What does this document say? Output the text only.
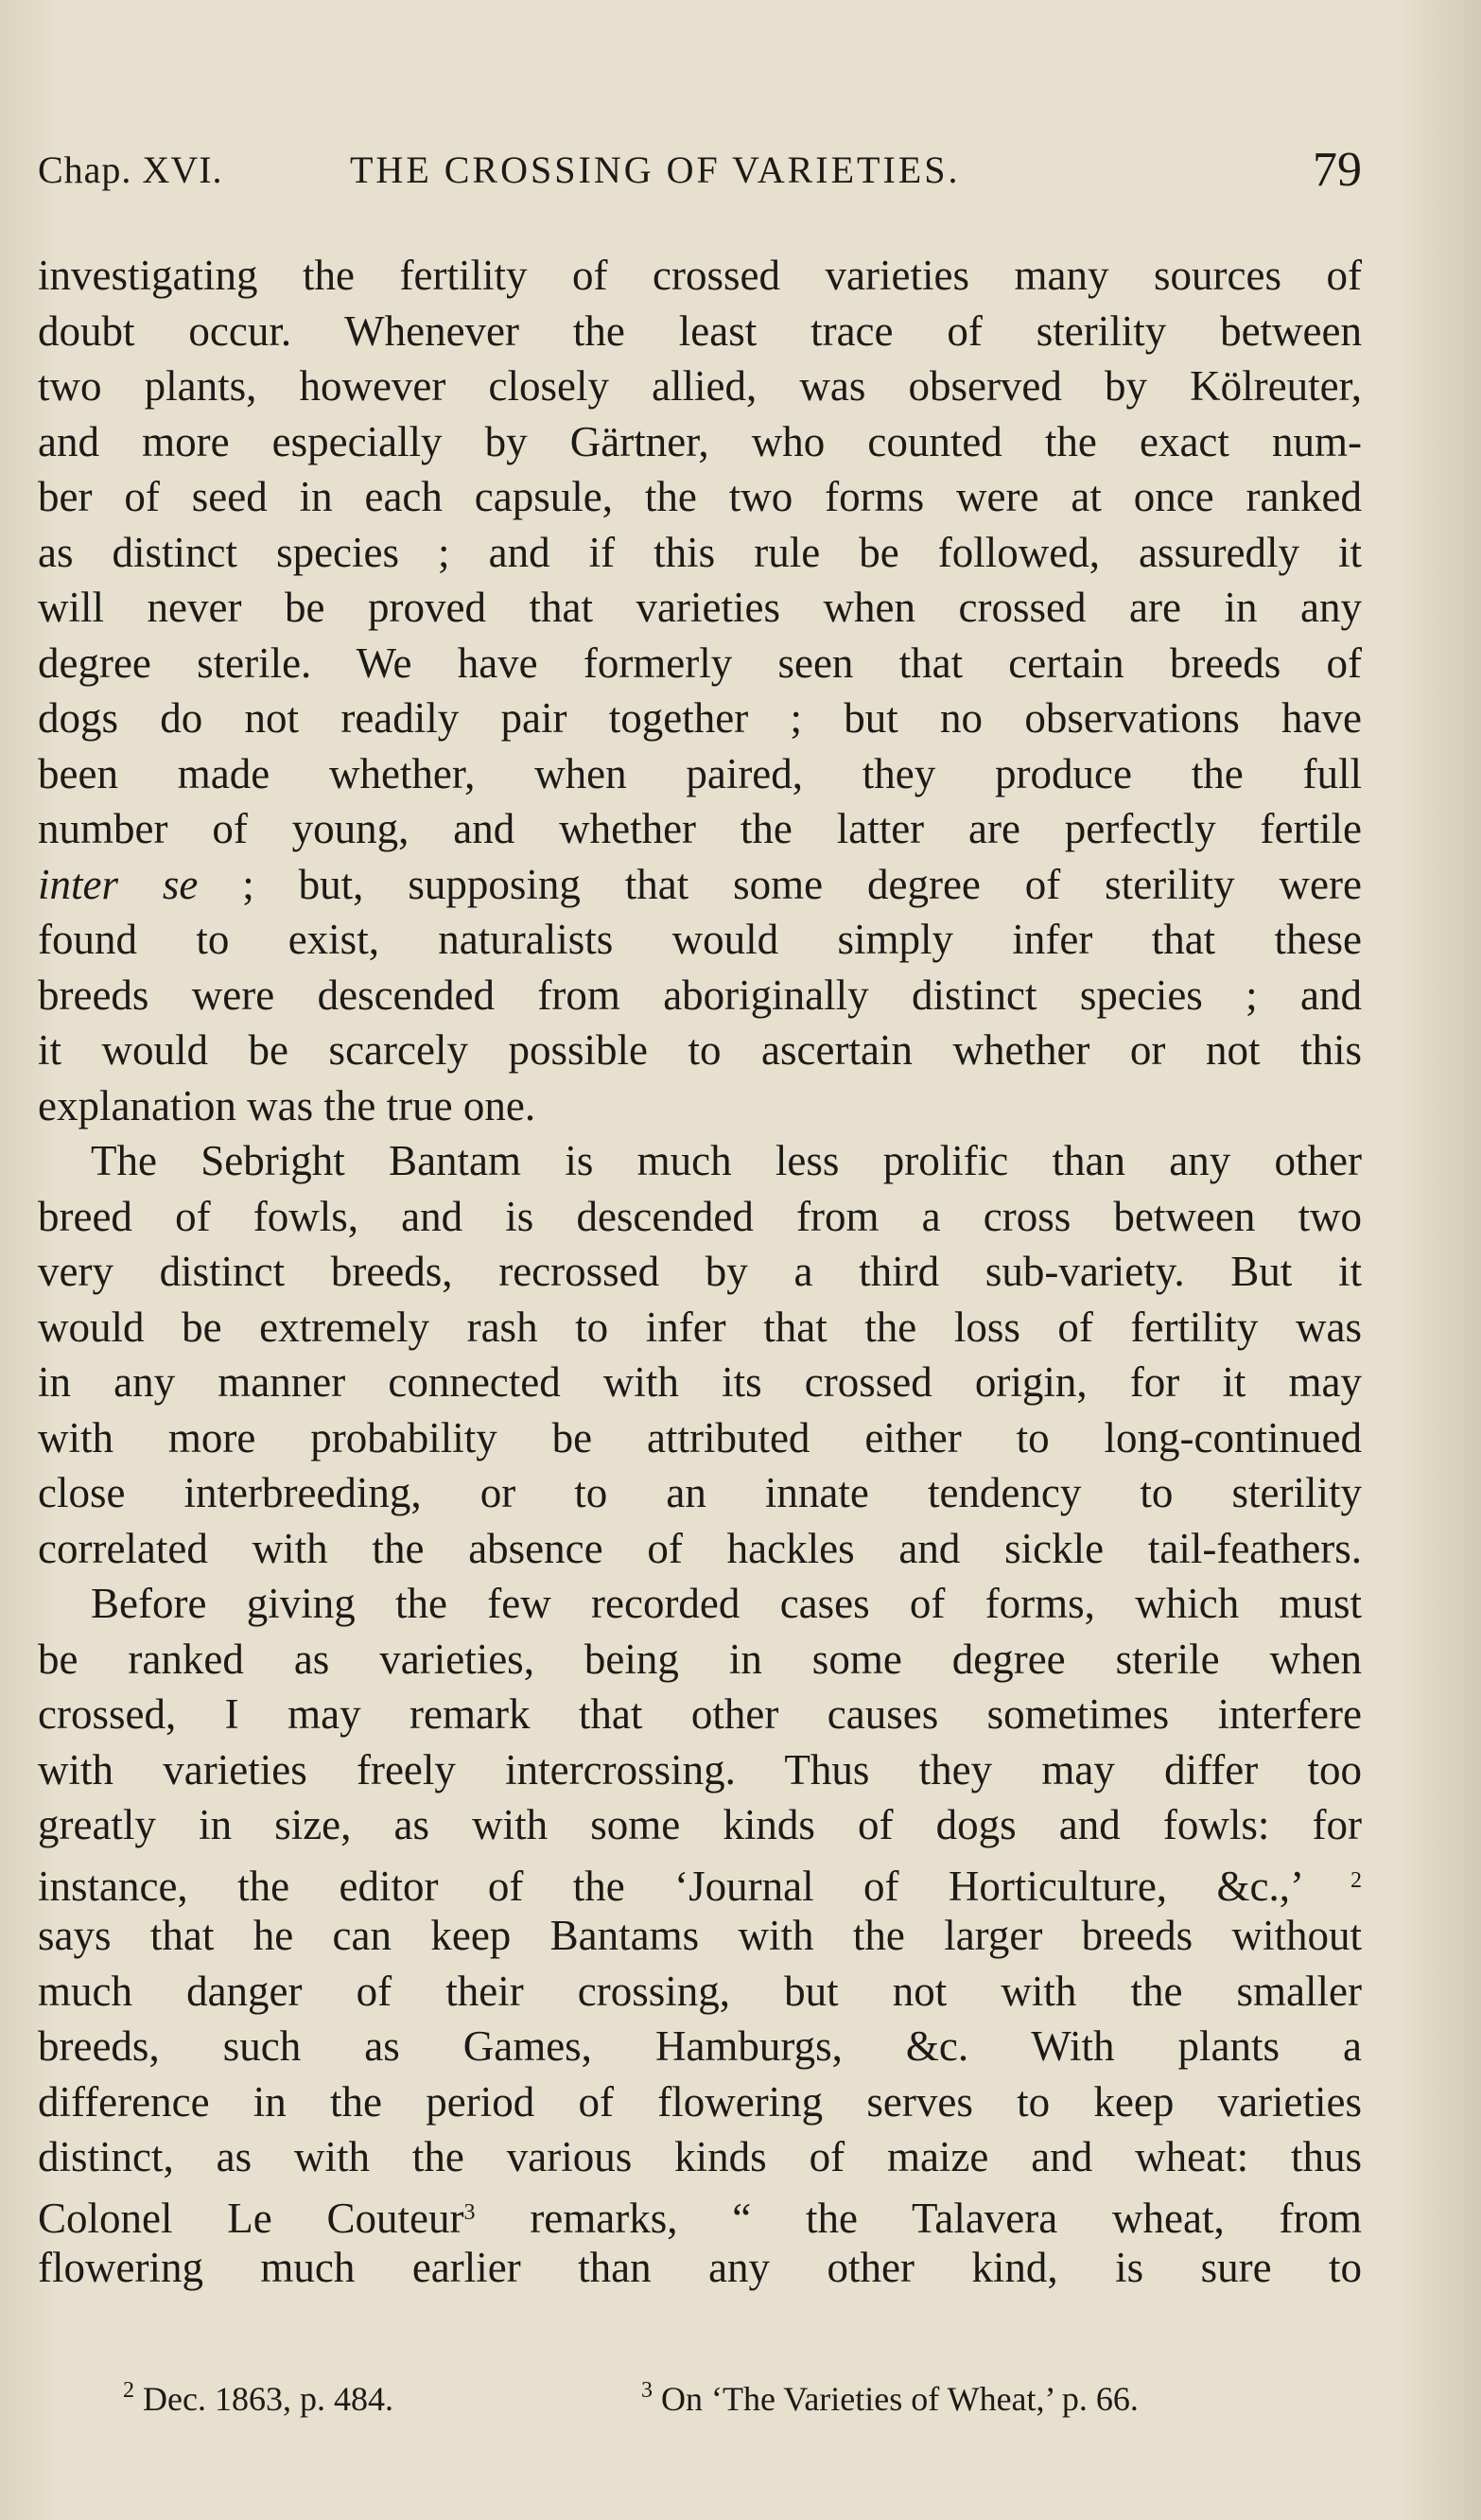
Chap. XVI.	THE CROSSING OF VARIETIES.	79
investigating the fertility of crossed varieties many sources of
doubt occur. Whenever the least trace of sterility between
two plants, however closely allied, was observed by Kölreuter,
and more especially by Gärtner, who counted the exact num-
ber of seed in each capsule, the two forms were at once ranked
as distinct species ; and if this rule be followed, assuredly it
will never be proved that varieties when crossed are in any
degree sterile. We have formerly seen that certain breeds of
dogs do not readily pair together ; but no observations have
been made whether, when paired, they produce the full
number of young, and whether the latter are perfectly fertile
inter se ; but, supposing that some degree of sterility were
found to exist, naturalists would simply infer that these
breeds were descended from aboriginally distinct species ; and
it would be scarcely possible to ascertain whether or not this
explanation was the true one.
The Sebright Bantam is much less prolific than any other
breed of fowls, and is descended from a cross between two
very distinct breeds, recrossed by a third sub-variety. But it
would be extremely rash to infer that the loss of fertility was
in any manner connected with its crossed origin, for it may
with more probability be attributed either to long-continued
close interbreeding, or to an innate tendency to sterility
correlated with the absence of hackles and sickle tail-feathers.
Before giving the few recorded cases of forms, which must
be ranked as varieties, being in some degree sterile when
crossed, I may remark that other causes sometimes interfere
with varieties freely intercrossing. Thus they may differ too
greatly in size, as with some kinds of dogs and fowls: for
instance, the editor of the ‘Journal of Horticulture, &c.,’ $^2$
says that he can keep Bantams with the larger breeds without
much danger of their crossing, but not with the smaller
breeds, such as Games, Hamburgs, &c. With plants a
difference in the period of flowering serves to keep varieties
distinct, as with the various kinds of maize and wheat: thus
Colonel Le Couteur$^3$ remarks, “ the Talavera wheat, from
flowering much earlier than any other kind, is sure to
$^2$ Dec. 1863, p. 484.	$^3$ On ‘The Varieties of Wheat,’ p. 66.
